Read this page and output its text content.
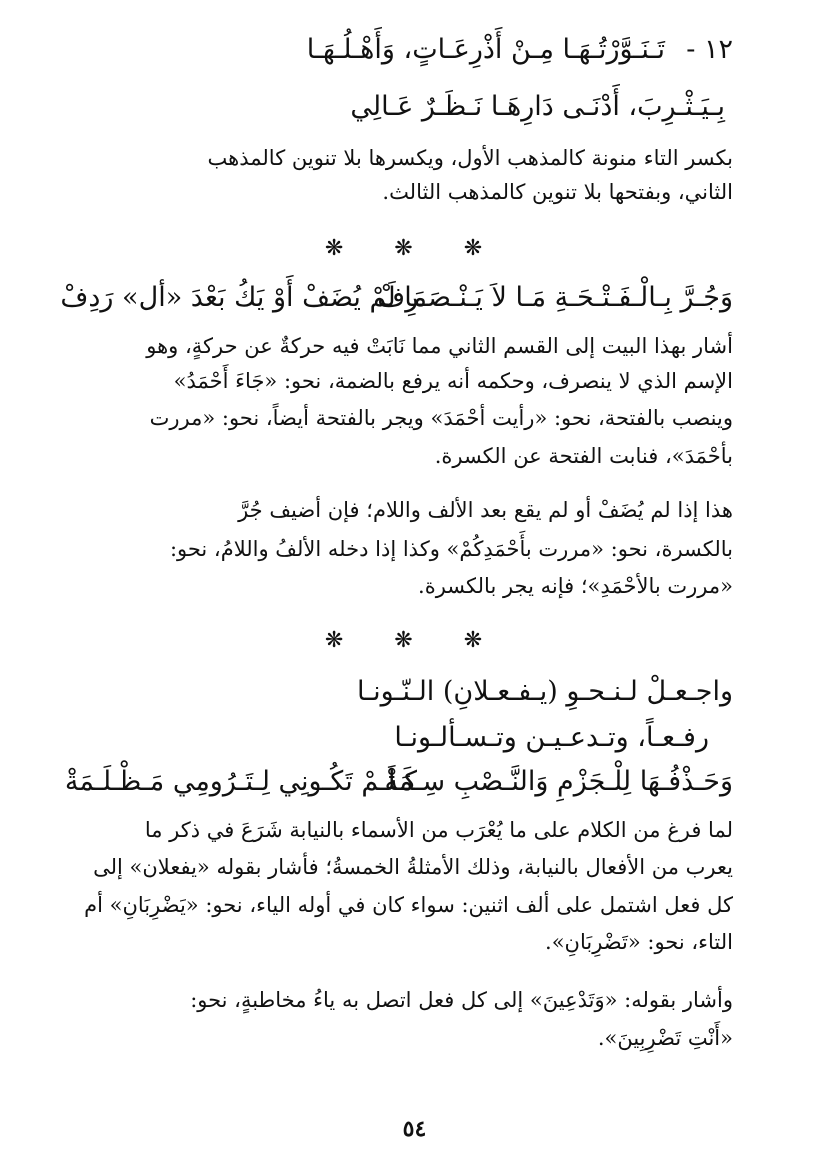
١٢ -
تَـنَـوَّرْتُـهَـا مِـنْ أَذْرِعَـاتٍ، وَأَهْـلُـهَـا
بِـيَـثْـرِبَ، أَدْنَـى دَارِهَـا نَـظَـرٌ عَـالِي
بكسر التاء منونة كالمذهب الأول، ويكسرها بلا تنوين كالمذهب
الثاني، وبفتحها بلا تنوين كالمذهب الثالث.
❋ ❋ ❋
وَجُـرَّ بِـالْـفَـتْـحَـةِ مَـا لاَ يَـنْـصَـرِفْ
مَا لَمْ يُضَفْ أَوْ يَكُ بَعْدَ «أل» رَدِفْ
أشار بهذا البيت إلى القسم الثاني مما نَابَتْ فيه حركةٌ عن حركةٍ، وهو
الإسم الذي لا ينصرف، وحكمه أنه يرفع بالضمة، نحو: «جَاءَ أَحْمَدُ»
وينصب بالفتحة، نحو: «رأيت أحْمَدَ» ويجر بالفتحة أيضاً، نحو: «مررت
بأحْمَدَ»، فنابت الفتحة عن الكسرة.
هذا إذا لم يُضَفْ أو لم يقع بعد الألف واللام؛ فإن أضيف جُرَّ
بالكسرة، نحو: «مررت بأَحْمَدِكُمْ» وكذا إذا دخله الألفُ واللامُ، نحو:
«مررت بالأحْمَدِ»؛ فإنه يجر بالكسرة.
❋ ❋ ❋
واجـعـلْ لـنـحـوِ (يـفـعـلانِ) الـنّـونـا
رفـعـاً، وتـدعـيـن وتـسـألـونـا
وَحَـذْفُـهَا لِلْـجَزْمِ وَالنَّـصْبِ سِـمَةْ
كَـلَـمْ تَكُـونِي لِـتَـرُومِي مَـظْـلَـمَةْ
لما فرغ من الكلام على ما يُعْرَب من الأسماء بالنيابة شَرَعَ في ذكر ما
يعرب من الأفعال بالنيابة، وذلك الأمثلةُ الخمسةُ؛ فأشار بقوله «يفعلان» إلى
كل فعل اشتمل على ألف اثنين: سواء كان في أوله الياء، نحو: «يَضْرِبَانِ» أم
التاء، نحو: «تَضْرِبَانِ».
وأشار بقوله: «وَتَدْعِينَ» إلى كل فعل اتصل به ياءُ مخاطبةٍ، نحو:
«أَنْتِ تَضْرِبِينَ».
٥٤
